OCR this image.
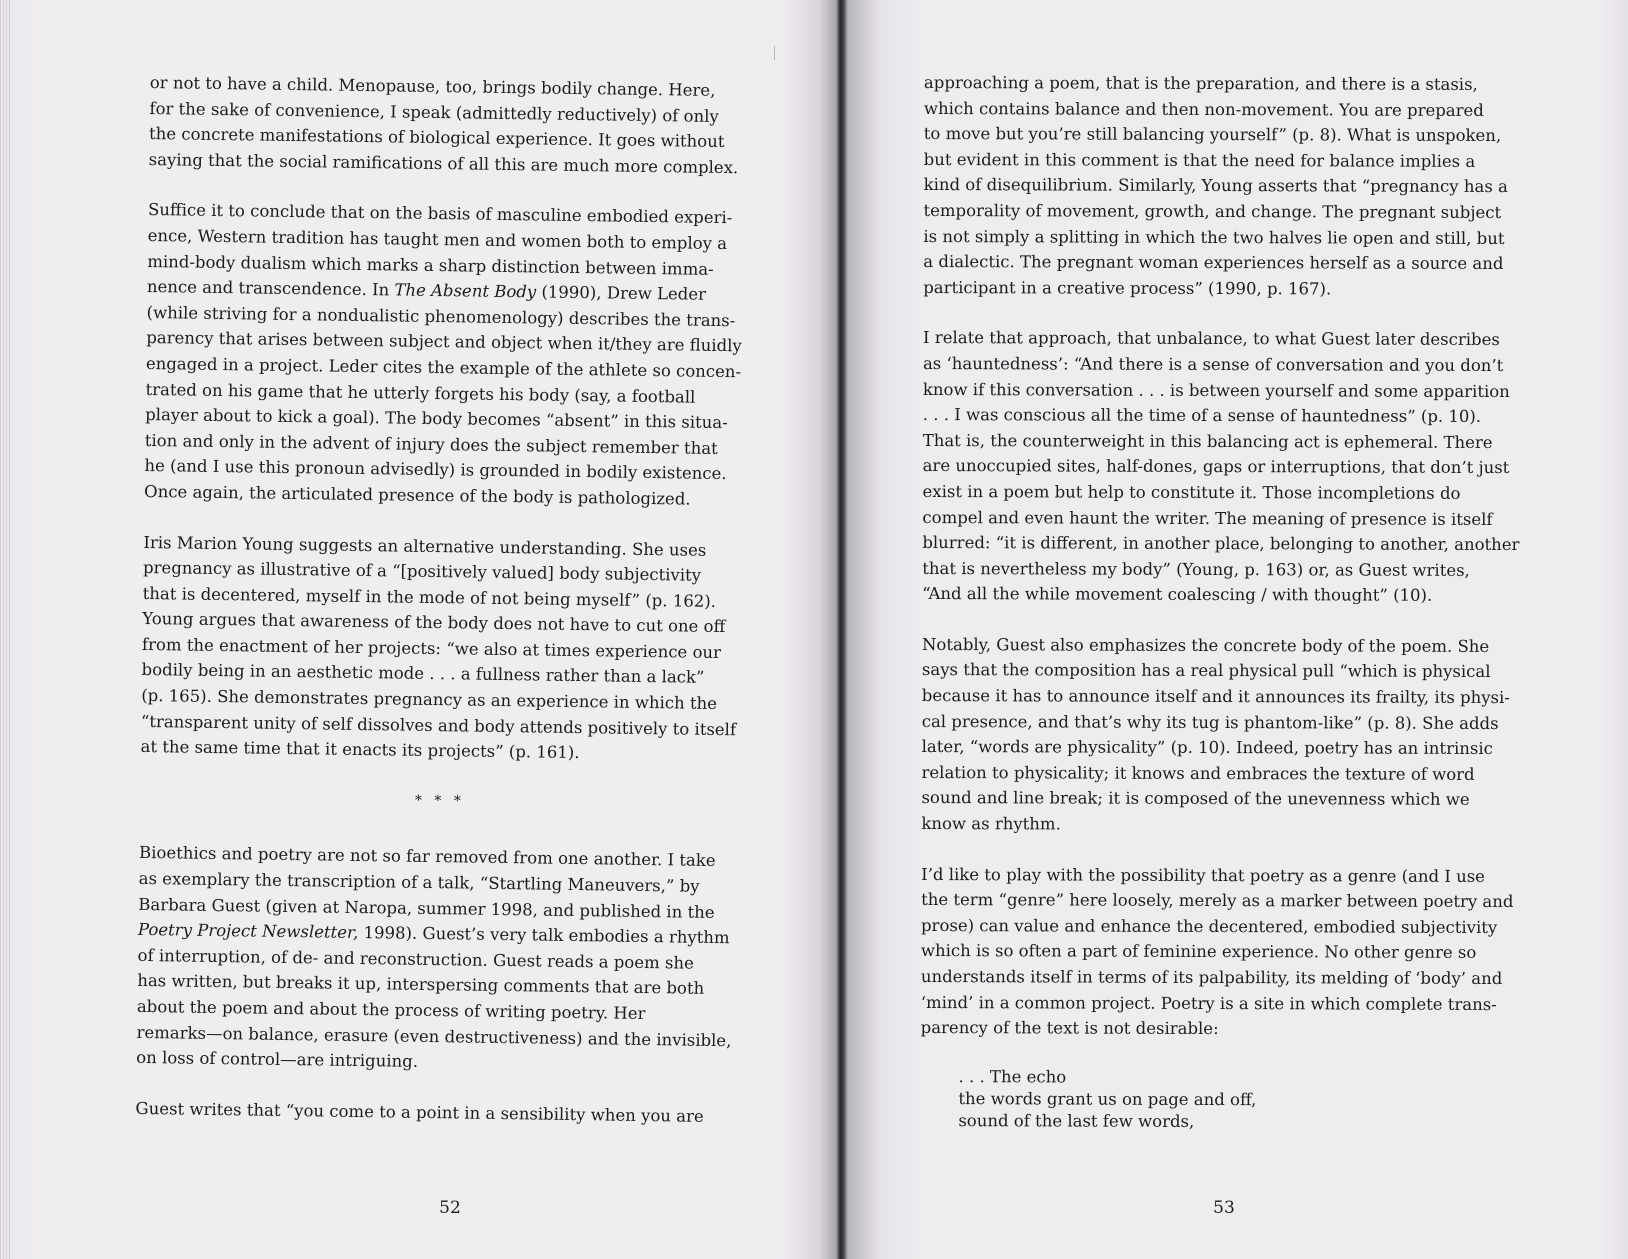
or not to have a child. Menopause, too, brings bodily change. Here,
for the sake of convenience, I speak (admittedly reductively) of only
the concrete manifestations of biological experience. It goes without
saying that the social ramifications of all this are much more complex.

Suffice it to conclude that on the basis of masculine embodied experi-
ence, Western tradition has taught men and women both to employ a
mind-body dualism which marks a sharp distinction between imma-
nence and transcendence. In The Absent Body (1990), Drew Leder
(while striving for a nondualistic phenomenology) describes the trans-
parency that arises between subject and object when it/they are fluidly
engaged in a project. Leder cites the example of the athlete so concen-
trated on his game that he utterly forgets his body (say, a football
player about to kick a goal). The body becomes “absent” in this situa-
tion and only in the advent of injury does the subject remember that
he (and I use this pronoun advisedly) is grounded in bodily existence.
Once again, the articulated presence of the body is pathologized.

Iris Marion Young suggests an alternative understanding. She uses
pregnancy as illustrative of a “[positively valued] body subjectivity
that is decentered, myself in the mode of not being myself” (p. 162).
Young argues that awareness of the body does not have to cut one off
from the enactment of her projects: “we also at times experience our
bodily being in an aesthetic mode . . . a fullness rather than a lack”
(p. 165). She demonstrates pregnancy as an experience in which the
“transparent unity of self dissolves and body attends positively to itself
at the same time that it enacts its projects” (p. 161).

* * *

Bioethics and poetry are not so far removed from one another. I take
as exemplary the transcription of a talk, “Startling Maneuvers,” by
Barbara Guest (given at Naropa, summer 1998, and published in the
Poetry Project Newsletter, 1998). Guest’s very talk embodies a rhythm
of interruption, of de- and reconstruction. Guest reads a poem she
has written, but breaks it up, interspersing comments that are both
about the poem and about the process of writing poetry. Her
remarks—on balance, erasure (even destructiveness) and the invisible,
on loss of control—are intriguing.

Guest writes that “you come to a point in a sensibility when you are

52

approaching a poem, that is the preparation, and there is a stasis,
which contains balance and then non-movement. You are prepared
to move but you’re still balancing yourself” (p. 8). What is unspoken,
but evident in this comment is that the need for balance implies a
kind of disequilibrium. Similarly, Young asserts that “pregnancy has a
temporality of movement, growth, and change. The pregnant subject
is not simply a splitting in which the two halves lie open and still, but
a dialectic. The pregnant woman experiences herself as a source and
participant in a creative process” (1990, p. 167).

I relate that approach, that unbalance, to what Guest later describes
as ‘hauntedness’: “And there is a sense of conversation and you don’t
know if this conversation . . . is between yourself and some apparition
. . . I was conscious all the time of a sense of hauntedness” (p. 10).
That is, the counterweight in this balancing act is ephemeral. There
are unoccupied sites, half-dones, gaps or interruptions, that don’t just
exist in a poem but help to constitute it. Those incompletions do
compel and even haunt the writer. The meaning of presence is itself
blurred: “it is different, in another place, belonging to another, another
that is nevertheless my body” (Young, p. 163) or, as Guest writes,
“And all the while movement coalescing / with thought” (10).

Notably, Guest also emphasizes the concrete body of the poem. She
says that the composition has a real physical pull “which is physical
because it has to announce itself and it announces its frailty, its physi-
cal presence, and that’s why its tug is phantom-like” (p. 8). She adds
later, “words are physicality” (p. 10). Indeed, poetry has an intrinsic
relation to physicality; it knows and embraces the texture of word
sound and line break; it is composed of the unevenness which we
know as rhythm.

I’d like to play with the possibility that poetry as a genre (and I use
the term “genre” here loosely, merely as a marker between poetry and
prose) can value and enhance the decentered, embodied subjectivity
which is so often a part of feminine experience. No other genre so
understands itself in terms of its palpability, its melding of ‘body’ and
‘mind’ in a common project. Poetry is a site in which complete trans-
parency of the text is not desirable:

. . . The echo
the words grant us on page and off,
sound of the last few words,
53
